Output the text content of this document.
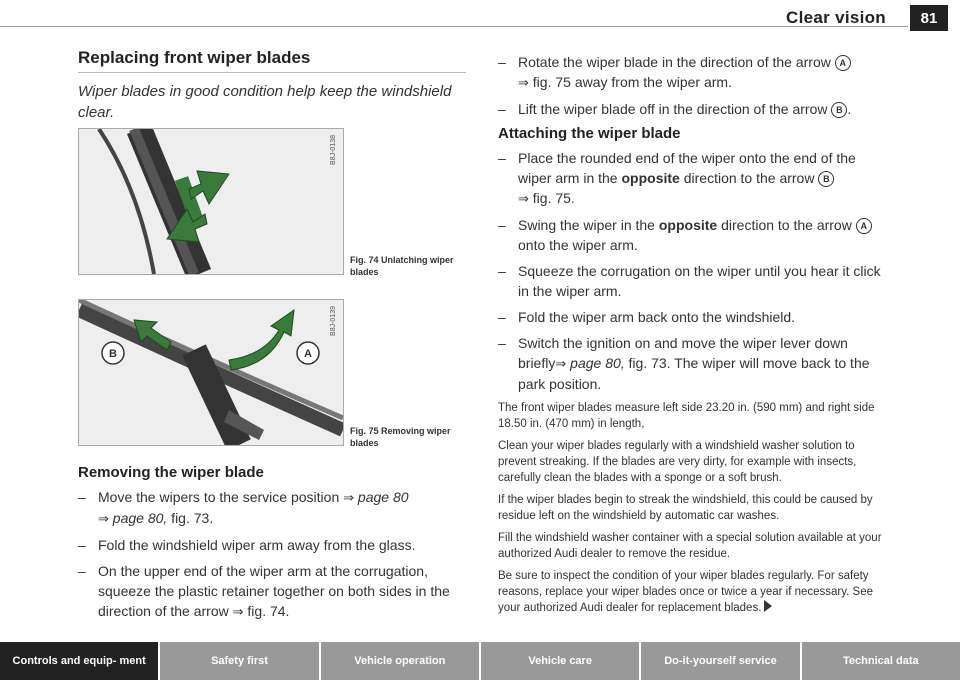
Clear vision	81
Replacing front wiper blades

Wiper blades in good condition help keep the windshield clear.

B8J-0138
Fig. 74 Unlatching wiper blades
B	A
B8J-0139
Fig. 75 Removing wiper blades
Removing the wiper blade
– Move the wipers to the service position ⇒ page 80
⇒ page 80, fig. 73.
– Fold the windshield wiper arm away from the glass.
– On the upper end of the wiper arm at the corrugation, squeeze the plastic retainer together on both sides in the direction of the arrow ⇒ fig. 74.
– Rotate the wiper blade in the direction of the arrow A
⇒ fig. 75 away from the wiper arm.
– Lift the wiper blade off in the direction of the arrow B .
Attaching the wiper blade
– Place the rounded end of the wiper onto the end of the wiper arm in the opposite direction to the arrow B
⇒ fig. 75.
– Swing the wiper in the opposite direction to the arrow A onto the wiper arm.
– Squeeze the corrugation on the wiper until you hear it click in the wiper arm.
– Fold the wiper arm back onto the windshield.
– Switch the ignition on and move the wiper lever down briefly⇒ page 80, fig. 73. The wiper will move back to the park position.

The front wiper blades measure left side 23.20 in. (590 mm) and right side 18.50 in. (470 mm) in length,

Clean your wiper blades regularly with a windshield washer solution to prevent streaking. If the blades are very dirty, for example with insects, carefully clean the blades with a sponge or a soft brush.

If the wiper blades begin to streak the windshield, this could be caused by residue left on the windshield by automatic car washes.

Fill the windshield washer container with a special solution available at your authorized Audi dealer to remove the residue.

Be sure to inspect the condition of your wiper blades regularly. For safety reasons, replace your wiper blades once or twice a year if necessary. See your authorized Audi dealer for replacement blades.

Controls and equip- ment	Safety first	Vehicle operation	Vehicle care	Do-it-yourself service	Technical data
